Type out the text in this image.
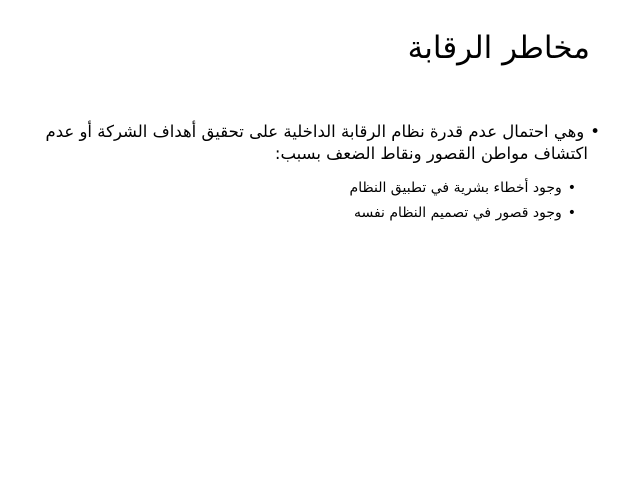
مخاطر الرقابة
•وهي احتمال عدم قدرة نظام الرقابة الداخلية على تحقيق أهداف الشركة أو عدم
اكتشاف مواطن القصور ونقاط الضعف بسبب:
•وجود أخطاء بشرية في تطبيق النظام
•وجود قصور في تصميم النظام نفسه
